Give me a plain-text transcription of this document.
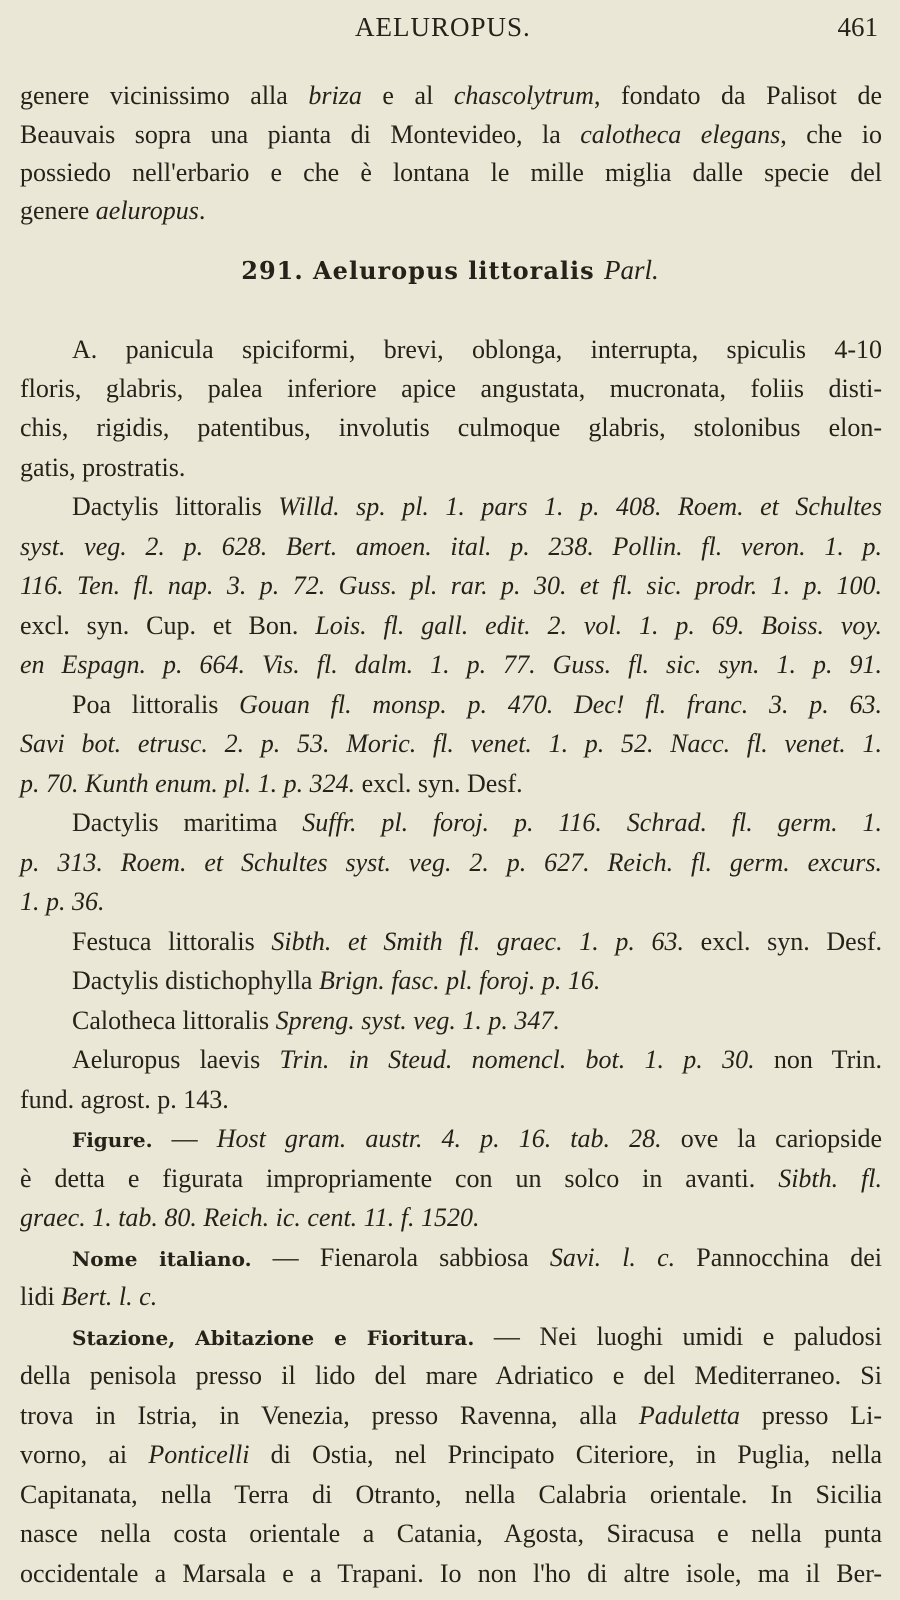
AELUROPUS.	461
genere vicinissimo alla briza e al chascolytrum, fondato da Palisot de
Beauvais sopra una pianta di Montevideo, la calotheca elegans, che io
possiedo nell'erbario e che è lontana le mille miglia dalle specie del
genere aeluropus.
291. Aeluropus littoralis Parl.
A. panicula spiciformi, brevi, oblonga, interrupta, spiculis 4-10
floris, glabris, palea inferiore apice angustata, mucronata, foliis disti-
chis, rigidis, patentibus, involutis culmoque glabris, stolonibus elon-
gatis, prostratis.
Dactylis littoralis Willd. sp. pl. 1. pars 1. p. 408. Roem. et Schultes
syst. veg. 2. p. 628. Bert. amoen. ital. p. 238. Pollin. fl. veron. 1. p.
116. Ten. fl. nap. 3. p. 72. Guss. pl. rar. p. 30. et fl. sic. prodr. 1. p. 100.
excl. syn. Cup. et Bon. Lois. fl. gall. edit. 2. vol. 1. p. 69. Boiss. voy.
en Espagn. p. 664. Vis. fl. dalm. 1. p. 77. Guss. fl. sic. syn. 1. p. 91.
Poa littoralis Gouan fl. monsp. p. 470. Dec! fl. franc. 3. p. 63.
Savi bot. etrusc. 2. p. 53. Moric. fl. venet. 1. p. 52. Nacc. fl. venet. 1.
p. 70. Kunth enum. pl. 1. p. 324. excl. syn. Desf.
Dactylis maritima Suffr. pl. foroj. p. 116. Schrad. fl. germ. 1.
p. 313. Roem. et Schultes syst. veg. 2. p. 627. Reich. fl. germ. excurs.
1. p. 36.
Festuca littoralis Sibth. et Smith fl. graec. 1. p. 63. excl. syn. Desf.
Dactylis distichophylla Brign. fasc. pl. foroj. p. 16.
Calotheca littoralis Spreng. syst. veg. 1. p. 347.
Aeluropus laevis Trin. in Steud. nomencl. bot. 1. p. 30. non Trin.
fund. agrost. p. 143.
Figure. — Host gram. austr. 4. p. 16. tab. 28. ove la cariopside
è detta e figurata impropriamente con un solco in avanti. Sibth. fl.
graec. 1. tab. 80. Reich. ic. cent. 11. f. 1520.
Nome italiano. — Fienarola sabbiosa Savi. l. c. Pannocchina dei
lidi Bert. l. c.
Stazione, Abitazione e Fioritura. — Nei luoghi umidi e paludosi
della penisola presso il lido del mare Adriatico e del Mediterraneo. Si
trova in Istria, in Venezia, presso Ravenna, alla Paduletta presso Li-
vorno, ai Ponticelli di Ostia, nel Principato Citeriore, in Puglia, nella
Capitanata, nella Terra di Otranto, nella Calabria orientale. In Sicilia
nasce nella costa orientale a Catania, Agosta, Siracusa e nella punta
occidentale a Marsala e a Trapani. Io non l'ho di altre isole, ma il Ber-
